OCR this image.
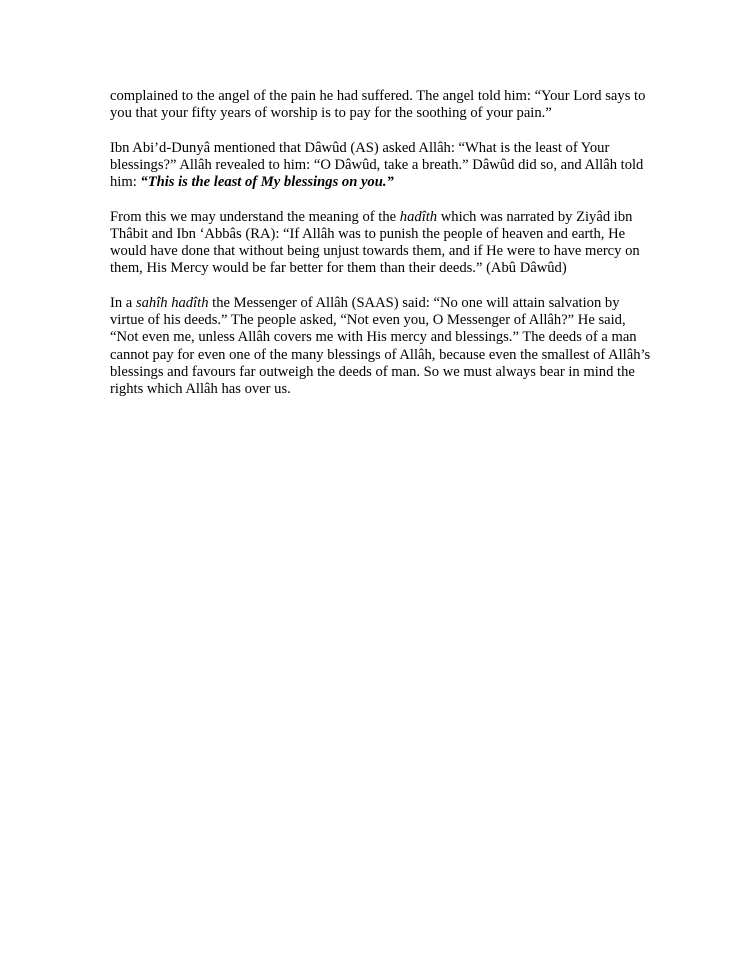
complained to the angel of the pain he had suffered. The angel told him: “Your Lord says to you that your fifty years of worship is to pay for the soothing of your pain.”

Ibn Abi’d-Dunyâ mentioned that Dâwûd (AS) asked Allâh: “What is the least of Your blessings?” Allâh revealed to him: “O Dâwûd, take a breath.” Dâwûd did so, and Allâh told him: “This is the least of My blessings on you.”

From this we may understand the meaning of the hadîth which was narrated by Ziyâd ibn Thâbit and Ibn ‘Abbâs (RA): “If Allâh was to punish the people of heaven and earth, He would have done that without being unjust towards them, and if He were to have mercy on them, His Mercy would be far better for them than their deeds.” (Abû Dâwûd)

In a sahîh hadîth the Messenger of Allâh (SAAS) said: “No one will attain salvation by virtue of his deeds.” The people asked, “Not even you, O Messenger of Allâh?” He said, “Not even me, unless Allâh covers me with His mercy and blessings.” The deeds of a man cannot pay for even one of the many blessings of Allâh, because even the smallest of Allâh’s blessings and favours far outweigh the deeds of man. So we must always bear in mind the rights which Allâh has over us.
